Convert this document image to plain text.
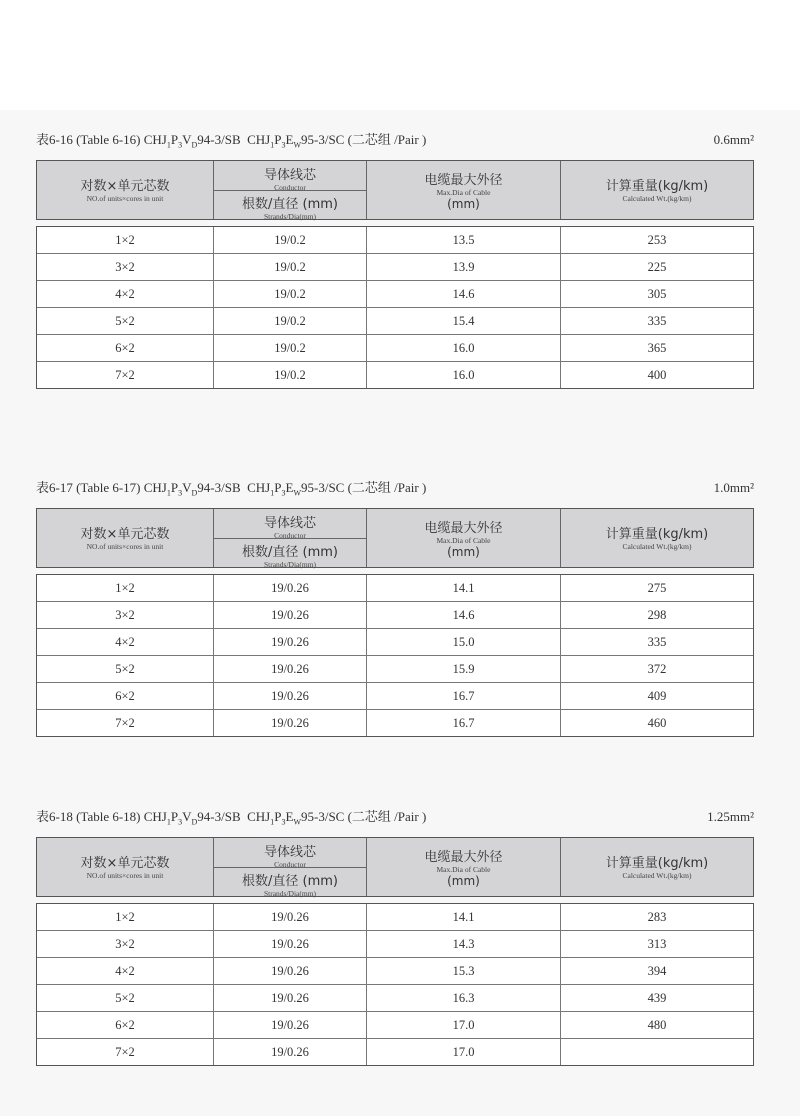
表6-16 (Table 6-16) $CHJ_1P_3V_D94-3/SB$ $CHJ_1P_3E_W95-3/SC$ (二芯组 /Pair )	0.6mm²
对数×单元芯数
NO.of units×cores in unit
导体线芯
Conductor
根数/直径 (mm)
Strands/Dia(mm)
电缆最大外径
Max.Dia of Cable
(mm)
计算重量(kg/km)
Calculated Wt.(kg/km)
1×2	19/0.2	13.5	253
3×2	19/0.2	13.9	225
4×2	19/0.2	14.6	305
5×2	19/0.2	15.4	335
6×2	19/0.2	16.0	365
7×2	19/0.2	16.0	400
表6-17 (Table 6-17) $CHJ_1P_3V_D94-3/SB$ $CHJ_1P_3E_W95-3/SC$ (二芯组 /Pair )	1.0mm²
对数×单元芯数
NO.of units×cores in unit
导体线芯
Conductor
根数/直径 (mm)
Strands/Dia(mm)
电缆最大外径
Max.Dia of Cable
(mm)
计算重量(kg/km)
Calculated Wt.(kg/km)
1×2	19/0.26	14.1	275
3×2	19/0.26	14.6	298
4×2	19/0.26	15.0	335
5×2	19/0.26	15.9	372
6×2	19/0.26	16.7	409
7×2	19/0.26	16.7	460
表6-18 (Table 6-18) $CHJ_1P_3V_D94-3/SB$ $CHJ_1P_3E_W95-3/SC$ (二芯组 /Pair )	1.25mm²
对数×单元芯数
NO.of units×cores in unit
导体线芯
Conductor
根数/直径 (mm)
Strands/Dia(mm)
电缆最大外径
Max.Dia of Cable
(mm)
计算重量(kg/km)
Calculated Wt.(kg/km)
1×2	19/0.26	14.1	283
3×2	19/0.26	14.3	313
4×2	19/0.26	15.3	394
5×2	19/0.26	16.3	439
6×2	19/0.26	17.0	480
7×2	19/0.26	17.0
